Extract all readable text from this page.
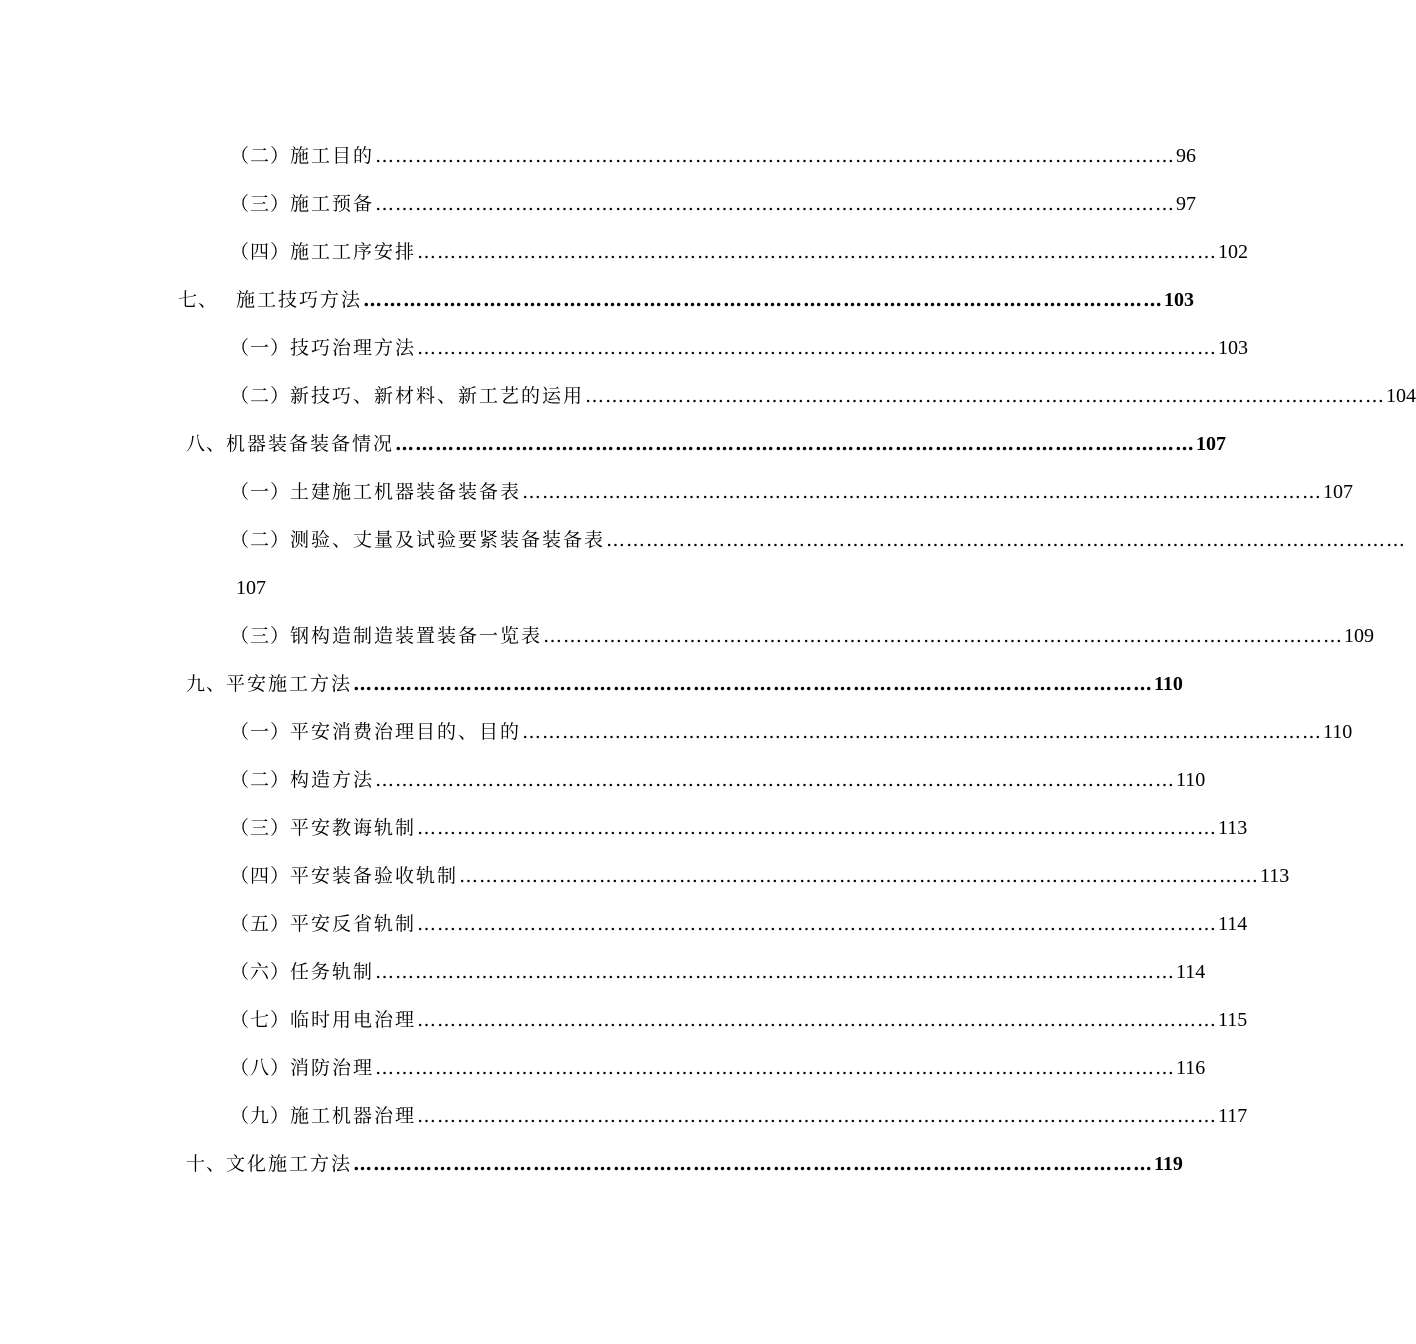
（二） 施工目的 ………………………………………………………………………………………………………… 96
（三） 施工预备 ………………………………………………………………………………………………………… 97
（四） 施工工序安排 ………………………………………………………………………………………………………… 102
七、 施工技巧方法 ………………………………………………………………………………………………………… 103
（一） 技巧治理方法 ………………………………………………………………………………………………………… 103
（二） 新技巧、新材料、新工艺的运用 ………………………………………………………………………………………………………… 104
八、 机器装备装备情况 ………………………………………………………………………………………………………… 107
（一） 土建施工机器装备装备表 ………………………………………………………………………………………………………… 107
（二） 测验、丈量及试验要紧装备装备表 …………………………………………………………………………………………………………
107
（三） 钢构造制造装置装备一览表 ………………………………………………………………………………………………………… 109
九、 平安施工方法 ………………………………………………………………………………………………………… 110
（一） 平安消费治理目的、目的 ………………………………………………………………………………………………………… 110
（二） 构造方法 ………………………………………………………………………………………………………… 110
（三） 平安教诲轨制 ………………………………………………………………………………………………………… 113
（四） 平安装备验收轨制 ………………………………………………………………………………………………………… 113
（五） 平安反省轨制 ………………………………………………………………………………………………………… 114
（六） 任务轨制 ………………………………………………………………………………………………………… 114
（七） 临时用电治理 ………………………………………………………………………………………………………… 115
（八） 消防治理 ………………………………………………………………………………………………………… 116
（九） 施工机器治理 ………………………………………………………………………………………………………… 117
十、 文化施工方法 ………………………………………………………………………………………………………… 119
